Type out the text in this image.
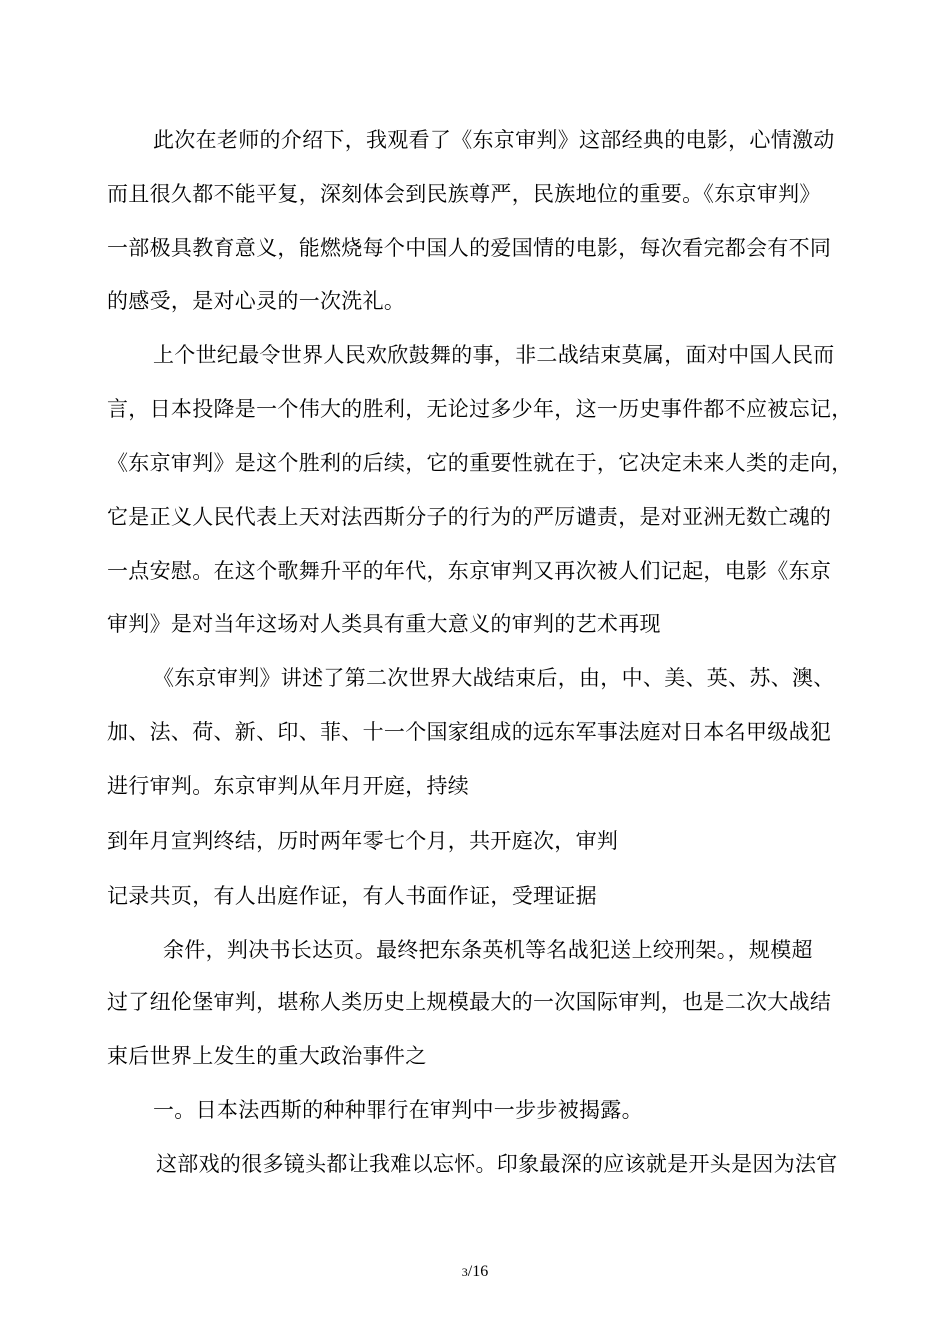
此次在老师的介绍下，我观看了《东京审判》这部经典的电影，心情激动
而且很久都不能平复，深刻体会到民族尊严，民族地位的重要。《东京审判》
一部极具教育意义，能燃烧每个中国人的爱国情的电影，每次看完都会有不同
的感受，是对心灵的一次洗礼。
上个世纪最令世界人民欢欣鼓舞的事，非二战结束莫属，面对中国人民而
言，日本投降是一个伟大的胜利，无论过多少年，这一历史事件都不应被忘记，
《东京审判》是这个胜利的后续，它的重要性就在于，它决定未来人类的走向，
它是正义人民代表上天对法西斯分子的行为的严厉谴责，是对亚洲无数亡魂的
一点安慰。在这个歌舞升平的年代，东京审判又再次被人们记起，电影《东京
审判》是对当年这场对人类具有重大意义的审判的艺术再现
《东京审判》讲述了第二次世界大战结束后，由，中、美、英、苏、澳、
加、法、荷、新、印、菲、十一个国家组成的远东军事法庭对日本名甲级战犯
进行审判。东京审判从年月开庭，持续
到年月宣判终结，历时两年零七个月，共开庭次，审判
记录共页，有人出庭作证，有人书面作证，受理证据
余件，判决书长达页。最终把东条英机等名战犯送上绞刑架。，规模超
过了纽伦堡审判，堪称人类历史上规模最大的一次国际审判，也是二次大战结
束后世界上发生的重大政治事件之
一。日本法西斯的种种罪行在审判中一步步被揭露。
这部戏的很多镜头都让我难以忘怀。印象最深的应该就是开头是因为法官
3/16
